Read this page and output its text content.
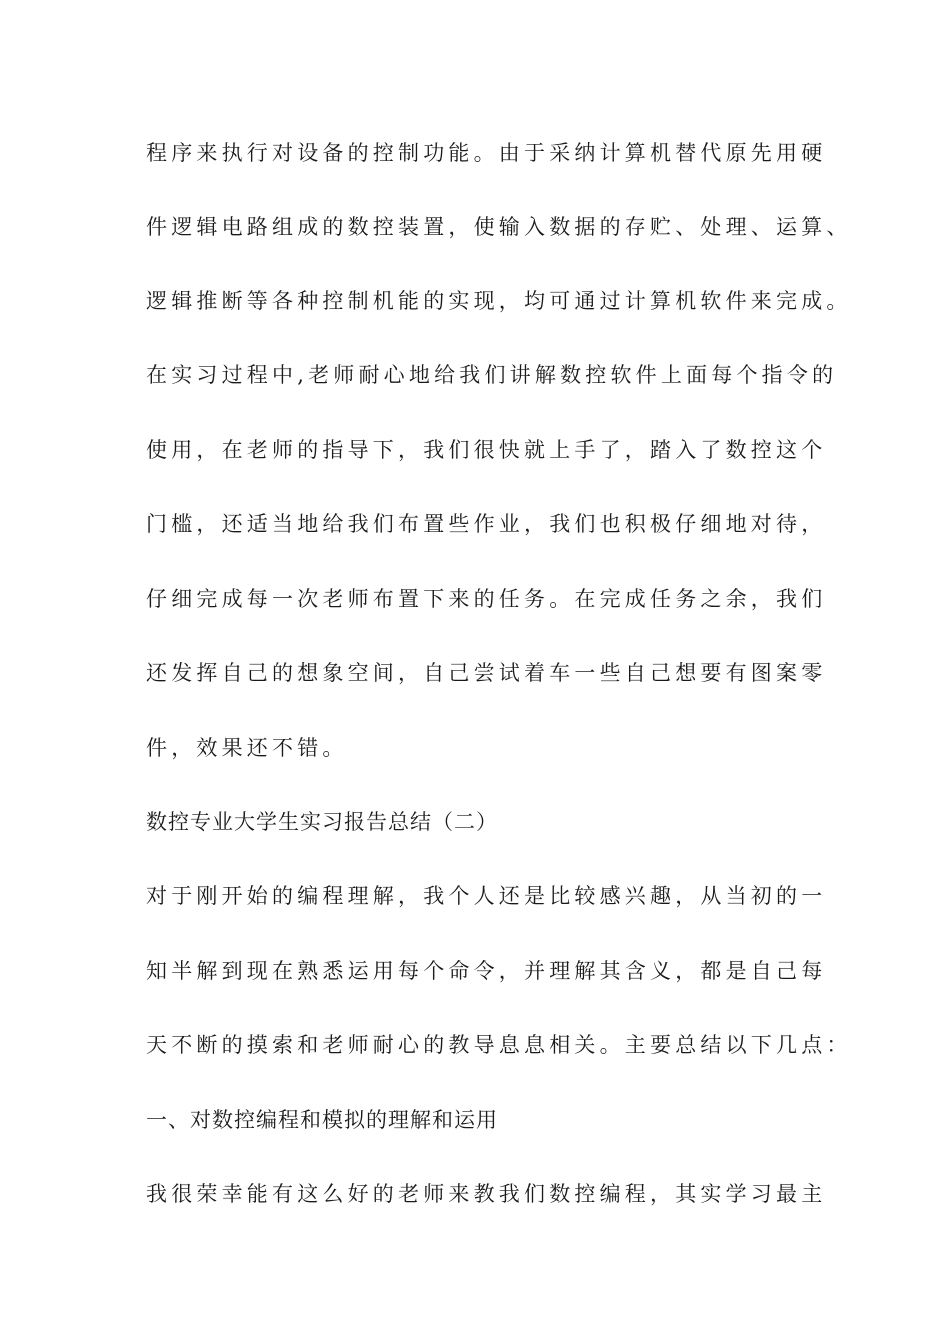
程序来执行对设备的控制功能。由于采纳计算机替代原先用硬
件逻辑电路组成的数控装置，使输入数据的存贮、处理、运算、
逻辑推断等各种控制机能的实现，均可通过计算机软件来完成。
在实习过程中,老师耐心地给我们讲解数控软件上面每个指令的
使用，在老师的指导下，我们很快就上手了，踏入了数控这个
门槛，还适当地给我们布置些作业，我们也积极仔细地对待，
仔细完成每一次老师布置下来的任务。在完成任务之余，我们
还发挥自己的想象空间，自己尝试着车一些自己想要有图案零
件，效果还不错。
数控专业大学生实习报告总结（二）
对于刚开始的编程理解，我个人还是比较感兴趣，从当初的一
知半解到现在熟悉运用每个命令，并理解其含义，都是自己每
天不断的摸索和老师耐心的教导息息相关。主要总结以下几点：
一、对数控编程和模拟的理解和运用
我很荣幸能有这么好的老师来教我们数控编程，其实学习最主
